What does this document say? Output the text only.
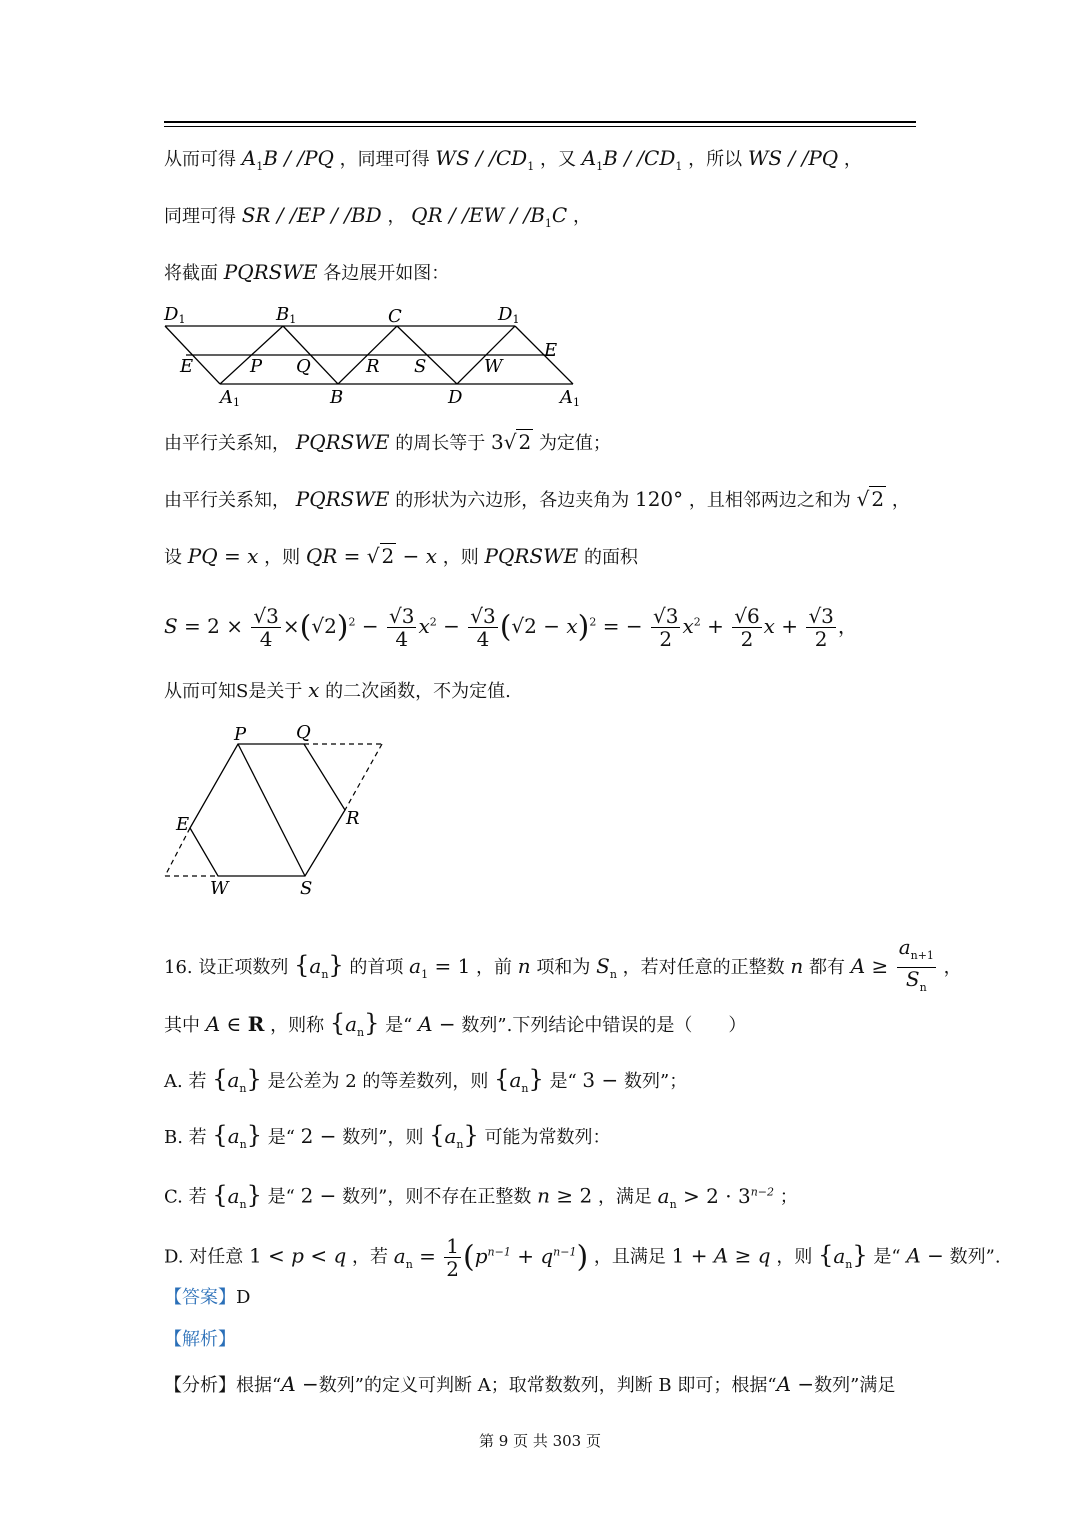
从而可得 $A_1B / /PQ$ ，同理可得 WS / $/CD_1$ ，又 $A_1B / /CD_1$ ，所以 WS / /PQ ，
同理可得 SR / /EP / /BD ， QR / $/EW / /B_1C$ ，
将截面 PQRSWE 各边展开如图：
D1	B1	C	D1
E	P Q	R S	W
E
A1	B	D	A1
由平行关系知， PQRSWE 的周长等于 3√ 2 为定值；
由平行关系知， PQRSWE 的形状为六边形，各边夹角为 120° ，且相邻两边之和为 √ 2 ，
设 PQ = x ，则 QR = √ 2 − x ，则 PQRSWE 的面积
$S = 2 \times \frac{√3}{4} \times(√2)^2 - \frac{√3}{4} x^2 - \frac{√3}{4} (√2 - x)^2$ = − $\frac{√3}{2} x^2 + \frac{√6}{2}$ $x + \frac{√3}{2}$ ，
从而可知S是关于 x 的二次函数，不为定值.
P	Q
R
S
W
E
16. 设正项数列 $\{a_n\}$ 的首项 $a_1 = 1$ ，前 n 项和为 $S_n$ ，若对任意的正整数 n 都有 $A \ge \frac{a_{n+1}}{S_n}$ ，
其中 A ∈ R ，则称 $\{a_n\}$ 是“ A − 数列”.下列结论中错误的是（　　）
A. 若 $\{a_n\}$ 是公差为 2 的等差数列，则 $\{a_n\}$ 是“ 3 − 数列”；
B. 若 $\{a_n\}$ 是“ 2 − 数列”，则 $\{a_n\}$ 可能为常数列：
C. 若 $\{a_n\}$ 是“ 2 − 数列”，则不存在正整数 n ≥ 2 ，满足 $a_n > 2 \cdot 3^{n-2}$ ；
D. 对任意 1 < p < q ，若 $a_n = \frac{1}{2} (p^{n-1} + q^{n-1})$ ，且满足 1 + A ≥ q ，则 $\{a_n\}$ 是“ A − 数列”.
【答案】D
【解析】
【分析】根据“A −数列”的定义可判断 A；取常数数列，判断 B 即可；根据“A −数列”满足
第 9 页 共 303 页
